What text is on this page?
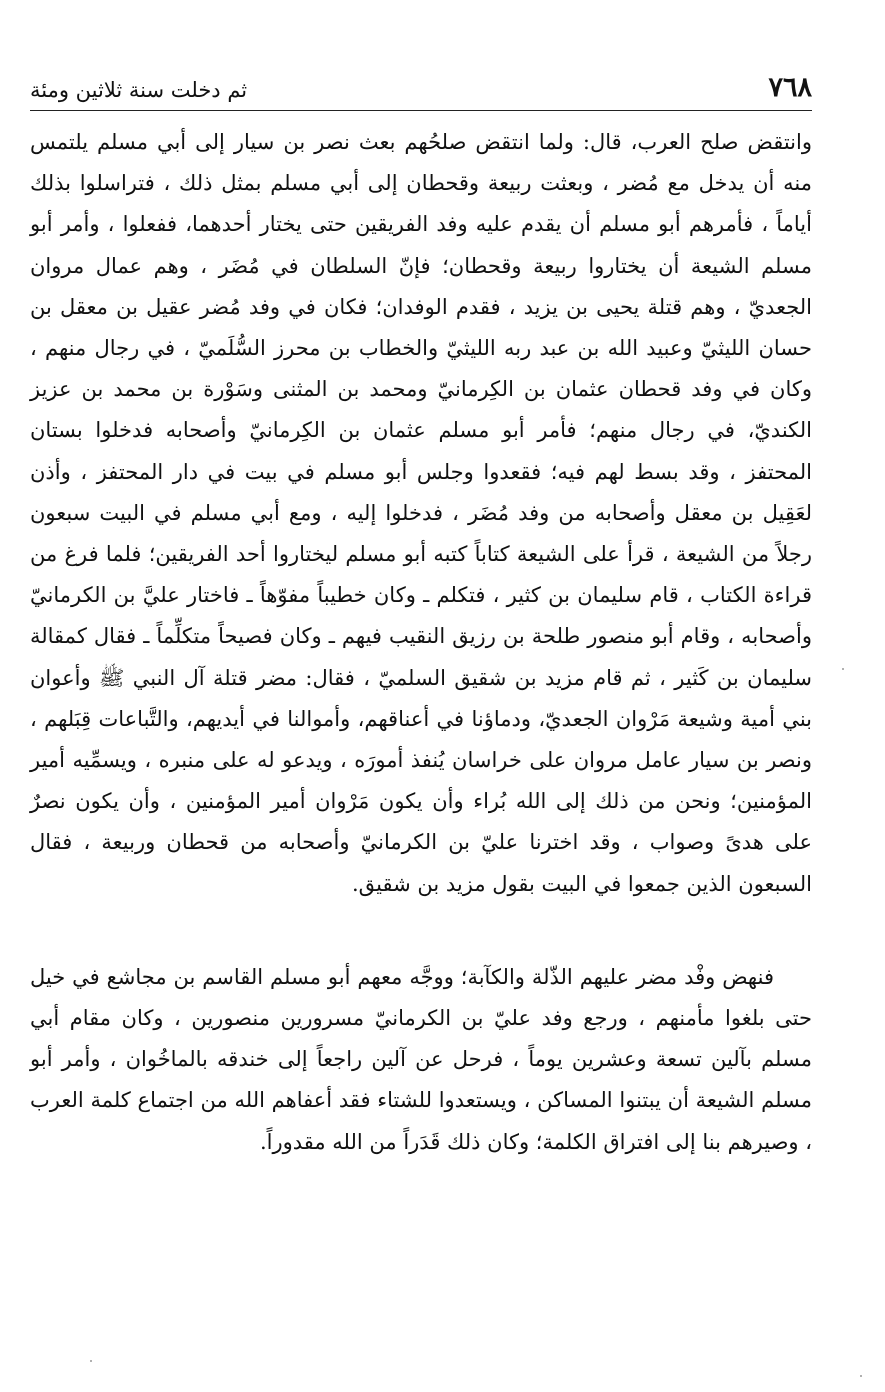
٧٦٨
ثم دخلت سنة ثلاثين ومئة

وانتقض صلح العرب، قال: ولما انتقض صلحُهم بعث نصر بن سيار إلى أبي مسلم يلتمس منه أن يدخل مع مُضر ، وبعثت ربيعة وقحطان إلى أبي مسلم بمثل ذلك ، فتراسلوا بذلك أياماً ، فأمرهم أبو مسلم أن يقدم عليه وفد الفريقين حتى يختار أحدهما، ففعلوا ، وأمر أبو مسلم الشيعة أن يختاروا ربيعة وقحطان؛ فإنّ السلطان في مُضَر ، وهم عمال مروان الجعديّ ، وهم قتلة يحيى بن يزيد ، فقدم الوفدان؛ فكان في وفد مُضر عقيل بن معقل بن حسان الليثيّ وعبيد الله بن عبد ربه الليثيّ والخطاب بن محرز السُّلَميّ ، في رجال منهم ، وكان في وفد قحطان عثمان بن الكِرمانيّ ومحمد بن المثنى وسَوْرة بن محمد بن عزيز الكنديّ، في رجال منهم؛ فأمر أبو مسلم عثمان بن الكِرمانيّ وأصحابه فدخلوا بستان المحتفز ، وقد بسط لهم فيه؛ فقعدوا وجلس أبو مسلم في بيت في دار المحتفز ، وأذن لعَقِيل بن معقل وأصحابه من وفد مُضَر ، فدخلوا إليه ، ومع أبي مسلم في البيت سبعون رجلاً من الشيعة ، قرأ على الشيعة كتاباً كتبه أبو مسلم ليختاروا أحد الفريقين؛ فلما فرغ من قراءة الكتاب ، قام سليمان بن كثير ، فتكلم ـ وكان خطيباً مفوّهاً ـ فاختار عليَّ بن الكرمانيّ وأصحابه ، وقام أبو منصور طلحة بن رزيق النقيب فيهم ـ وكان فصيحاً متكلِّماً ـ فقال كمقالة سليمان بن كَثير ، ثم قام مزيد بن شقيق السلميّ ، فقال: مضر قتلة آل النبي ﷺ وأعوان بني أمية وشيعة مَرْوان الجعديّ، ودماؤنا في أعناقهم، وأموالنا في أيديهم، والتَّباعات قِبَلهم ، ونصر بن سيار عامل مروان على خراسان يُنفذ أمورَه ، ويدعو له على منبره ، ويسمِّيه أمير المؤمنين؛ ونحن من ذلك إلى الله بُراء وأن يكون مَرْوان أمير المؤمنين ، وأن يكون نصرٌ على هدىً وصواب ، وقد اخترنا عليّ بن الكرمانيّ وأصحابه من قحطان وربيعة ، فقال السبعون الذين جمعوا في البيت بقول مزيد بن شقيق.

فنهض وفْد مضر عليهم الذّلة والكآبة؛ ووجَّه معهم أبو مسلم القاسم بن مجاشع في خيل حتى بلغوا مأمنهم ، ورجع وفد عليّ بن الكرمانيّ مسرورين منصورين ، وكان مقام أبي مسلم بآلين تسعة وعشرين يوماً ، فرحل عن آلين راجعاً إلى خندقه بالماخُوان ، وأمر أبو مسلم الشيعة أن يبتنوا المساكن ، ويستعدوا للشتاء فقد أعفاهم الله من اجتماع كلمة العرب ، وصيرهم بنا إلى افتراق الكلمة؛ وكان ذلك قَدَراً من الله مقدوراً.
